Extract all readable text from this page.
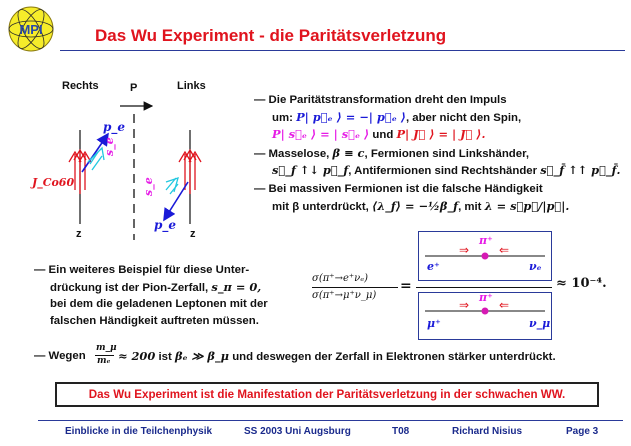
MPI	Das Wu Experiment - die Paritätsverletzung
Rechts	Links
P
z	z
p_e
s_e
J_Co60	s_e
p_e
— Die Paritätstransformation dreht den Impuls
um: P| p⃗ₑ ⟩ = −| p⃗ₑ ⟩, aber nicht den Spin,
P| s⃗ₑ ⟩ = | s⃗ₑ ⟩ und P| J⃗ ⟩ = | J⃗ ⟩.
— Masselose, β ≡ c, Fermionen sind Linkshänder,
s⃗_f ↑↓ p⃗_f, Antifermionen sind Rechtshänder s⃗_f̄ ↑↑ p⃗_f̄.
— Bei massiven Fermionen ist die falsche Händigkeit
mit β unterdrückt, ⟨λ_f⟩ = −½β_f, mit λ = s⃗p⃗/|p⃗|.
— Ein weiteres Beispiel für diese Unter-
drückung ist der Pion-Zerfall, s_π = 0,
bei dem die geladenen Leptonen mit der
falschen Händigkeit auftreten müssen.
σ(π⁺→e⁺νₑ)
σ(π⁺→μ⁺ν_μ)
=	≈ 10⁻⁴.
⇒ ⇐
π⁺
e⁺	νₑ
⇒ ⇐
π⁺
μ⁺	ν_μ
— Wegen
m_μ
mₑ ≈ 200 ist βₑ ≫ β_μ und deswegen der Zerfall in Elektronen stärker unterdrückt.
Das Wu Experiment ist die Manifestation der Paritätsverletzung in der schwachen WW.
Einblicke in die Teilchenphysik	SS 2003 Uni Augsburg	T08	Richard Nisius	Page 3
